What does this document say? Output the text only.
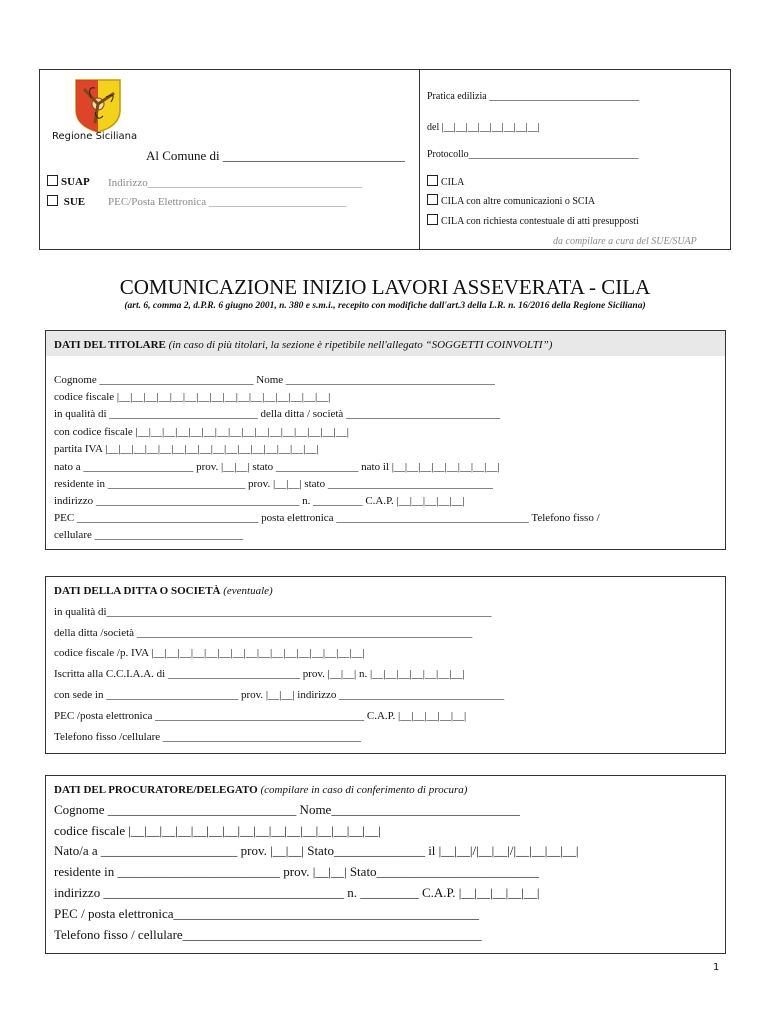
Regione Siciliana
Al Comune di ____________________________
SUAP Indirizzo_______________________________________
SUE PEC/Posta Elettronica _________________________
Pratica edilizia ______________________________
del |__|__|__|__|__|__|__|__|
Protocollo__________________________________
CILA
CILA con altre comunicazioni o SCIA
CILA con richiesta contestuale di atti presupposti
da compilare a cura del SUE/SUAP
COMUNICAZIONE INIZIO LAVORI ASSEVERATA - CILA
(art. 6, comma 2, d.P.R. 6 giugno 2001, n. 380 e s.m.i., recepito con modifiche dall'art.3 della L.R. n. 16/2016 della Regione Siciliana)
DATI DEL TITOLARE (in caso di più titolari, la sezione è ripetibile nell'allegato “SOGGETTI COINVOLTI”)
Cognome ____________________________ Nome ______________________________________
codice fiscale |__|__|__|__|__|__|__|__|__|__|__|__|__|__|__|__|
in qualità di ___________________________ della ditta / società ____________________________
con codice fiscale |__|__|__|__|__|__|__|__|__|__|__|__|__|__|__|__|
partita IVA |__|__|__|__|__|__|__|__|__|__|__|__|__|__|__|__|
nato a ____________________ prov. |__|__| stato _______________ nato il |__|__|__|__|__|__|__|__|
residente in _________________________ prov. |__|__| stato ______________________________
indirizzo _____________________________________ n. _________ C.A.P. |__|__|__|__|__|
PEC _________________________________ posta elettronica ___________________________________ Telefono fisso /
cellulare ___________________________
DATI DELLA DITTA O SOCIETÀ (eventuale)
in qualità di______________________________________________________________________
della ditta /società _____________________________________________________________
codice fiscale /p. IVA |__|__|__|__|__|__|__|__|__|__|__|__|__|__|__|__|
Iscritta alla C.C.I.A.A. di ________________________ prov. |__|__| n. |__|__|__|__|__|__|__|
con sede in ________________________ prov. |__|__| indirizzo ______________________________
PEC /posta elettronica ______________________________________ C.A.P. |__|__|__|__|__|
Telefono fisso /cellulare ____________________________________
DATI DEL PROCURATORE/DELEGATO (compilare in caso di conferimento di procura)
Cognome _____________________________ Nome_____________________________
codice fiscale |__|__|__|__|__|__|__|__|__|__|__|__|__|__|__|__|
Nato/a a _____________________ prov. |__|__| Stato______________ il |__|__|/|__|__|/|__|__|__|__|
residente in _________________________ prov. |__|__| Stato_________________________
indirizzo _____________________________________ n. _________ C.A.P. |__|__|__|__|__|
PEC / posta elettronica_______________________________________________
Telefono fisso / cellulare______________________________________________
1
